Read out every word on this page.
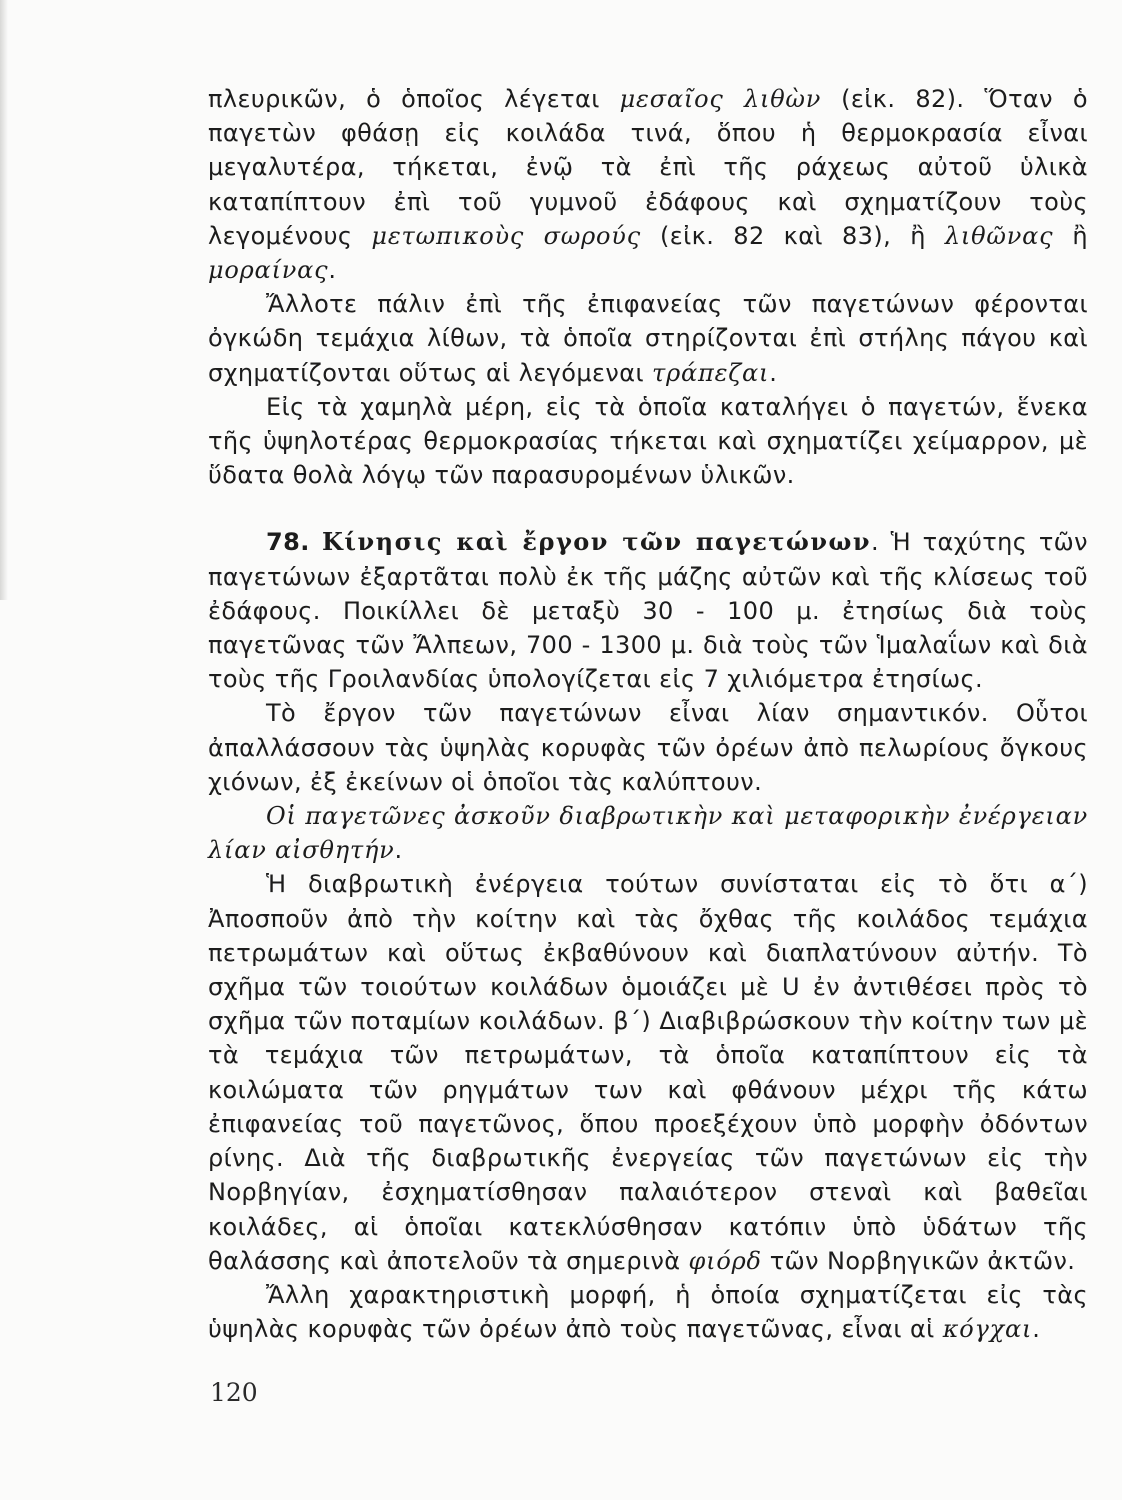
πλευρικῶν, ὁ ὁποῖος λέγεται μεσαῖος λιθὼν (εἰκ. 82). Ὅταν ὁ παγετὼν φθάσῃ εἰς κοιλάδα τινά, ὅπου ἡ θερμοκρασία εἶναι μεγαλυτέρα, τήκεται, ἐνῷ τὰ ἐπὶ τῆς ράχεως αὐτοῦ ὑλικὰ καταπίπτουν ἐπὶ τοῦ γυμνοῦ ἐδάφους καὶ σχηματίζουν τοὺς λεγομένους μετωπικοὺς σωρούς (εἰκ. 82 καὶ 83), ἢ λιθῶνας ἢ μοραίνας.

Ἄλλοτε πάλιν ἐπὶ τῆς ἐπιφανείας τῶν παγετώνων φέρονται ὀγκώδη τεμάχια λίθων, τὰ ὁποῖα στηρίζονται ἐπὶ στήλης πάγου καὶ σχηματίζονται οὕτως αἱ λεγόμεναι τράπεζαι.

Εἰς τὰ χαμηλὰ μέρη, εἰς τὰ ὁποῖα καταλήγει ὁ παγετών, ἕνεκα τῆς ὑψηλοτέρας θερμοκρασίας τήκεται καὶ σχηματίζει χείμαρρον, μὲ ὕδατα θολὰ λόγῳ τῶν παρασυρομένων ὑλικῶν.

78. Κίνησις καὶ ἔργον τῶν παγετώνων. Ἡ ταχύτης τῶν παγετώνων ἐξαρτᾶται πολὺ ἐκ τῆς μάζης αὐτῶν καὶ τῆς κλίσεως τοῦ ἐδάφους. Ποικίλλει δὲ μεταξὺ 30 - 100 μ. ἐτησίως διὰ τοὺς παγετῶνας τῶν Ἄλπεων, 700 - 1300 μ. διὰ τοὺς τῶν Ἱμαλαΐων καὶ διὰ τοὺς τῆς Γροιλανδίας ὑπολογίζεται εἰς 7 χιλιόμετρα ἐτησίως.

Τὸ ἔργον τῶν παγετώνων εἶναι λίαν σημαντικόν. Οὗτοι ἀπαλλάσσουν τὰς ὑψηλὰς κορυφὰς τῶν ὀρέων ἀπὸ πελωρίους ὄγκους χιόνων, ἐξ ἐκείνων οἱ ὁποῖοι τὰς καλύπτουν.

Οἱ παγετῶνες ἀσκοῦν διαβρωτικὴν καὶ μεταφορικὴν ἐνέργειαν λίαν αἰσθητήν.

Ἡ διαβρωτικὴ ἐνέργεια τούτων συνίσταται εἰς τὸ ὅτι α΄) Ἀποσποῦν ἀπὸ τὴν κοίτην καὶ τὰς ὄχθας τῆς κοιλάδος τεμάχια πετρωμάτων καὶ οὕτως ἐκβαθύνουν καὶ διαπλατύνουν αὐτήν. Τὸ σχῆμα τῶν τοιούτων κοιλάδων ὁμοιάζει μὲ U ἐν ἀντιθέσει πρὸς τὸ σχῆμα τῶν ποταμίων κοιλάδων. β΄) Διαβιβρώσκουν τὴν κοίτην των μὲ τὰ τεμάχια τῶν πετρωμάτων, τὰ ὁποῖα καταπίπτουν εἰς τὰ κοιλώματα τῶν ρηγμάτων των καὶ φθάνουν μέχρι τῆς κάτω ἐπιφανείας τοῦ παγετῶνος, ὅπου προεξέχουν ὑπὸ μορφὴν ὀδόντων ρίνης. Διὰ τῆς διαβρωτικῆς ἐνεργείας τῶν παγετώνων εἰς τὴν Νορβηγίαν, ἐσχηματίσθησαν παλαιότερον στεναὶ καὶ βαθεῖαι κοιλάδες, αἱ ὁποῖαι κατεκλύσθησαν κατόπιν ὑπὸ ὑδάτων τῆς θαλάσσης καὶ ἀποτελοῦν τὰ σημερινὰ φιόρδ τῶν Νορβηγικῶν ἀκτῶν.

Ἄλλη χαρακτηριστικὴ μορφή, ἡ ὁποία σχηματίζεται εἰς τὰς ὑψηλὰς κορυφὰς τῶν ὀρέων ἀπὸ τοὺς παγετῶνας, εἶναι αἱ κόγχαι.

120
